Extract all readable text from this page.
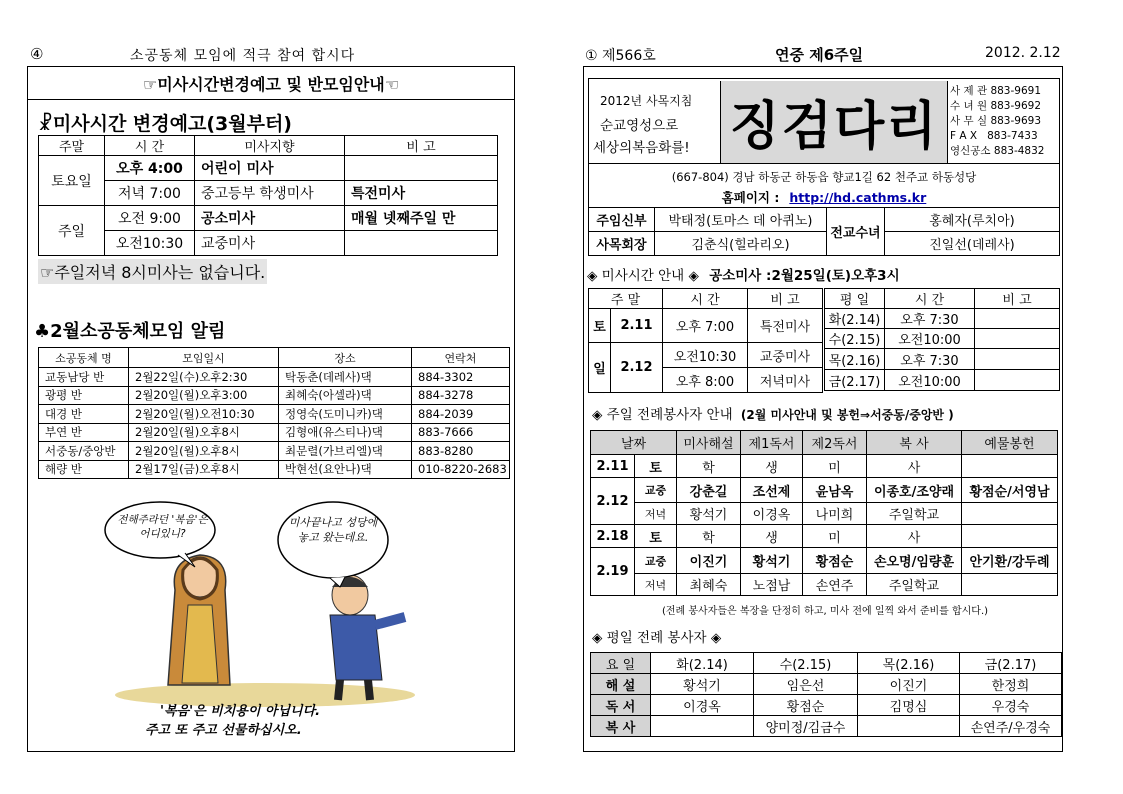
④	소공동체 모임에 적극 참여 합시다
☞미사시간변경예고 및 반모임안내☜
☧미사시간 변경예고(3월부터)
주말	시 간	미사지향	비 고
토요일	오후 4:00	어린이 미사	
	저녁 7:00	중고등부 학생미사	특전미사
주일	오전 9:00	공소미사	매월 넷째주일 만
	오전10:30	교중미사	
☞주일저녁 8시미사는 없습니다.
♣2월소공동체모임 알림
소공동체 명	모임일시	장소	연락처
교동남당 반	2월22일(수)오후2:30	탁동춘(데레사)댁	884-3302
광평 반	2월20일(월)오후3:00	최혜숙(아셀라)댁	884-3278
대경 반	2월20일(월)오전10:30	정영숙(도미니카)댁	884-2039
부연 반	2월20일(월)오후8시	김형애(유스티나)댁	883-7666
서중동/중앙반	2월20일(월)오후8시	최문렬(가브리엘)댁	883-8280
해량 반	2월17일(금)오후8시	박현선(요안나)댁	010-8220-2683
전해주라던 '복음'은 어디있니?
미사끝나고 성당에 놓고 왔는데요.
'복음'은 비치용이 아닙니다.
주고 또 주고 선물하십시오.
① 제566호	연중 제6주일	2012. 2.12
2012년 사목지침
순교영성으로
세상의복음화를! 징검다리
사 제 관 883-9691
수 녀 원 883-9692
사 무 실 883-9693
F A X   883-7433
영신공소 883-4832
(667-804) 경남 하동군 하동읍 향교1길 62 천주교 하동성당
홈페이지 : http://hd.cathms.kr
주임신부	박태정(토마스 데 아퀴노)	전교수녀	홍혜자(루치아)
사목회장	김춘식(힐라리오)		진일선(데레사)
◈ 미사시간 안내 ◈ 공소미사 :2월25일(토)오후3시
주 말		시 간	비 고
토	2.11	오후 7:00	특전미사
일	2.12	오전10:30	교중미사
		오후 8:00	저녁미사
평 일	시 간	비 고
화(2.14)	오후 7:30	
수(2.15)	오전10:00	
목(2.16)	오후 7:30	
금(2.17)	오전10:00	
◈ 주일 전례봉사자 안내 (2월 미사안내 및 봉헌⇒서중동/중앙반 )
날짜		미사해설	제1독서	제2독서	복 사	예물봉헌
2.11	토	학	생	미	사	
2.12	교중	강춘길	조선제	윤남옥	이종호/조양래	황점순/서영남
	저녁	황석기	이경옥	나미희	주일학교	
2.18	토	학	생	미	사	
2.19	교중	이진기	황석기	황점순	손오명/임량훈	안기환/강두례
	저녁	최혜숙	노점남	손연주	주일학교	
(전례 봉사자들은 복장을 단정히 하고, 미사 전에 일찍 와서 준비를 합시다.)
◈ 평일 전례 봉사자 ◈
요 일	화(2.14)	수(2.15)	목(2.16)	금(2.17)
해 설	황석기	임은선	이진기	한정희
독 서	이경옥	황점순	김명심	우경숙
복 사		양미정/김금수		손연주/우경숙
